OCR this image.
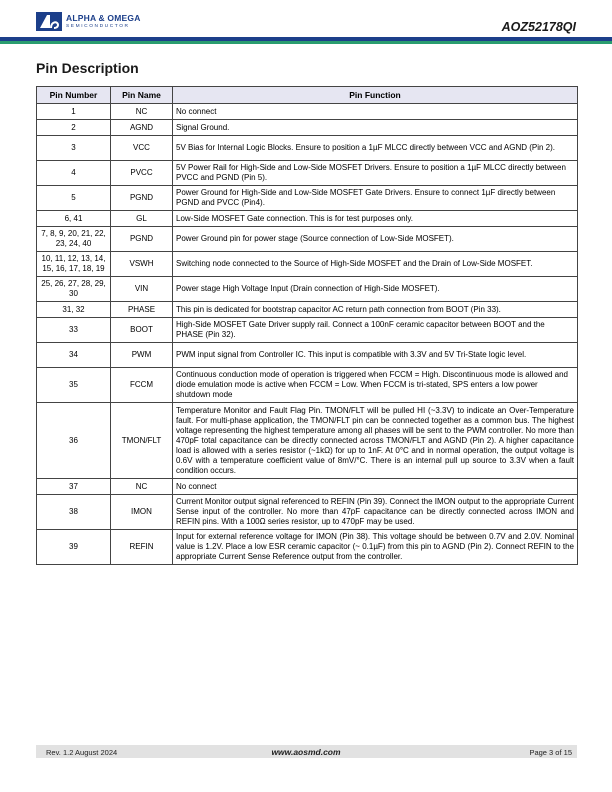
ALPHA & OMEGA
SEMICONDUCTOR	AOZ52178QI
Pin Description
Pin Number	Pin Name	Pin Function
1	NC	No connect
2	AGND	Signal Ground.
3	VCC	5V Bias for Internal Logic Blocks. Ensure to position a 1µF MLCC directly between VCC and AGND (Pin 2).
4	PVCC	5V Power Rail for High-Side and Low-Side MOSFET Drivers. Ensure to position a 1µF MLCC directly between PVCC and PGND (Pin 5).
5	PGND	Power Ground for High-Side and Low-Side MOSFET Gate Drivers. Ensure to connect 1µF directly between PGND and PVCC (Pin4).
6, 41	GL	Low-Side MOSFET Gate connection. This is for test purposes only.
7, 8, 9, 20, 21, 22, 23, 24, 40	PGND	Power Ground pin for power stage (Source connection of Low-Side MOSFET).
10, 11, 12, 13, 14, 15, 16, 17, 18, 19	VSWH	Switching node connected to the Source of High-Side MOSFET and the Drain of Low-Side MOSFET.
25, 26, 27, 28, 29, 30	VIN	Power stage High Voltage Input (Drain connection of High-Side MOSFET).
31, 32	PHASE	This pin is dedicated for bootstrap capacitor AC return path connection from BOOT (Pin 33).
33	BOOT	High-Side MOSFET Gate Driver supply rail. Connect a 100nF ceramic capacitor between BOOT and the PHASE (Pin 32).
34	PWM	PWM input signal from Controller IC. This input is compatible with 3.3V and 5V Tri-State logic level.
35	FCCM	Continuous conduction mode of operation is triggered when FCCM = High. Discontinuous mode is allowed and diode emulation mode is active when FCCM = Low. When FCCM is tri-stated, SPS enters a low power shutdown mode
36	TMON/FLT	Temperature Monitor and Fault Flag Pin. TMON/FLT will be pulled HI (~3.3V) to indicate an Over-Temperature fault. For multi-phase application, the TMON/FLT pin can be connected together as a common bus. The highest voltage representing the highest temperature among all phases will be sent to the PWM controller. No more than 470pF total capacitance can be directly connected across TMON/FLT and AGND (Pin 2). A higher capacitance load is allowed with a series resistor (~1kΩ) for up to 1nF. At 0°C and in normal operation, the output voltage is 0.6V with a temperature coefficient value of 8mV/°C. There is an internal pull up source to 3.3V when a fault condition occurs.
37	NC	No connect
38	IMON	Current Monitor output signal referenced to REFIN (Pin 39). Connect the IMON output to the appropriate Current Sense input of the controller. No more than 47pF capacitance can be directly connected across IMON and REFIN pins. With a 100Ω series resistor, up to 470pF may be used.
39	REFIN	Input for external reference voltage for IMON (Pin 38). This voltage should be between 0.7V and 2.0V. Nominal value is 1.2V. Place a low ESR ceramic capacitor (~ 0.1µF) from this pin to AGND (Pin 2). Connect REFIN to the appropriate Current Sense Reference output from the controller.
Rev. 1.2 August 2024	www.aosmd.com	Page 3 of 15
